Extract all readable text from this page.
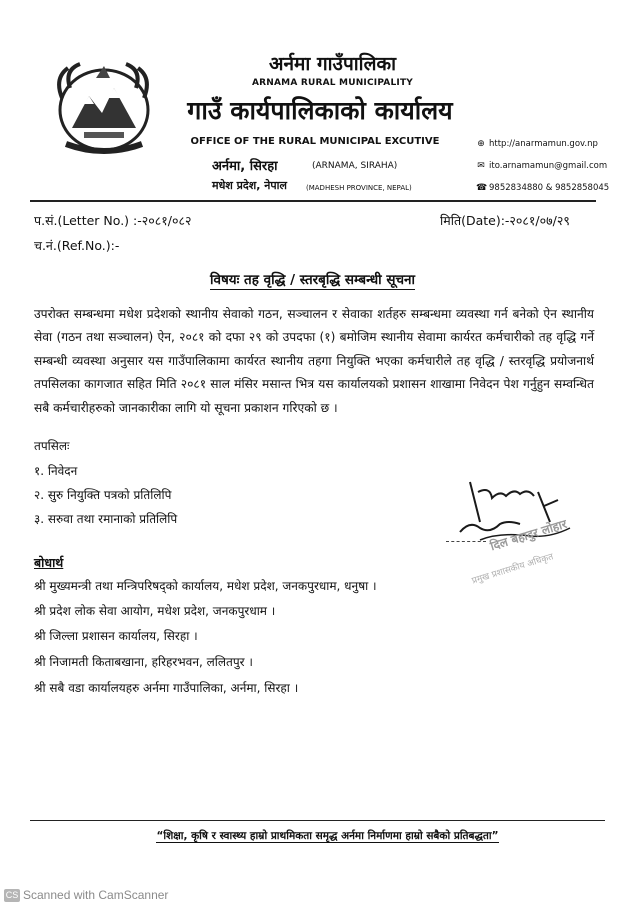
अर्नमा गाउँपालिका
ARNAMA RURAL MUNICIPALITY
गाउँ कार्यपालिकाको कार्यालय
OFFICE OF THE RURAL MUNICIPAL EXCUTIVE
अर्नमा, सिरहा	(ARNAMA, SIRAHA)
मधेश प्रदेश, नेपाल	(MADHESH PROVINCE, NEPAL)
⊕ http://anarmamun.gov.np
✉ ito.arnamamun@gmail.com
☎ 9852834880 & 9852858045
प.सं.(Letter No.) :-२०८१/०८२	मिति(Date):-२०८१/०७/२९
च.नं.(Ref.No.):-
विषयः तह वृद्धि / स्तरबृद्धि सम्बन्धी सूचना
उपरोक्त सम्बन्धमा मधेश प्रदेशको स्थानीय सेवाको गठन, सञ्चालन र सेवाका शर्तहरु सम्बन्धमा व्यवस्था गर्न बनेको ऐन स्थानीय सेवा (गठन तथा सञ्चालन) ऐन, २०८१ को दफा २९ को उपदफा (१) बमोजिम स्थानीय सेवामा कार्यरत कर्मचारीको तह वृद्धि गर्ने सम्बन्धी व्यवस्था अनुसार यस गाउँपालिकामा कार्यरत स्थानीय तहगा नियुक्ति भएका कर्मचारीले तह वृद्धि / स्तरवृद्धि प्रयोजनार्थ तपसिलका कागजात सहित मिति २०८१ साल मंसिर मसान्त भित्र यस कार्यालयको प्रशासन शाखामा निवेदन पेश गर्नुहुन सम्वन्धित सबै कर्मचारीहरुको जानकारीका लागि यो सूचना प्रकाशन गरिएको छ ।
तपसिलः
१. निवेदन
२. सुरु नियुक्ति पत्रको प्रतिलिपि
३. सरुवा तथा रमानाको प्रतिलिपि	दिल बहादुर लोहार
प्रमुख प्रशासकीय अधिकृत
बोधार्थ
श्री मुख्यमन्त्री तथा मन्त्रिपरिषद्को कार्यालय, मधेश प्रदेश, जनकपुरधाम, धनुषा ।
श्री प्रदेश लोक सेवा आयोग, मधेश प्रदेश, जनकपुरधाम ।
श्री जिल्ला प्रशासन कार्यालय, सिरहा ।
श्री निजामती किताबखाना, हरिहरभवन, ललितपुर ।
श्री सबै वडा कार्यालयहरु अर्नमा गाउँपालिका, अर्नमा, सिरहा ।
“शिक्षा, कृषि र स्वास्थ्य हाम्रो प्राथमिकता समृद्ध अर्नमा निर्माणमा हाम्रो सबैको प्रतिबद्धता”
CS Scanned with CamScanner
